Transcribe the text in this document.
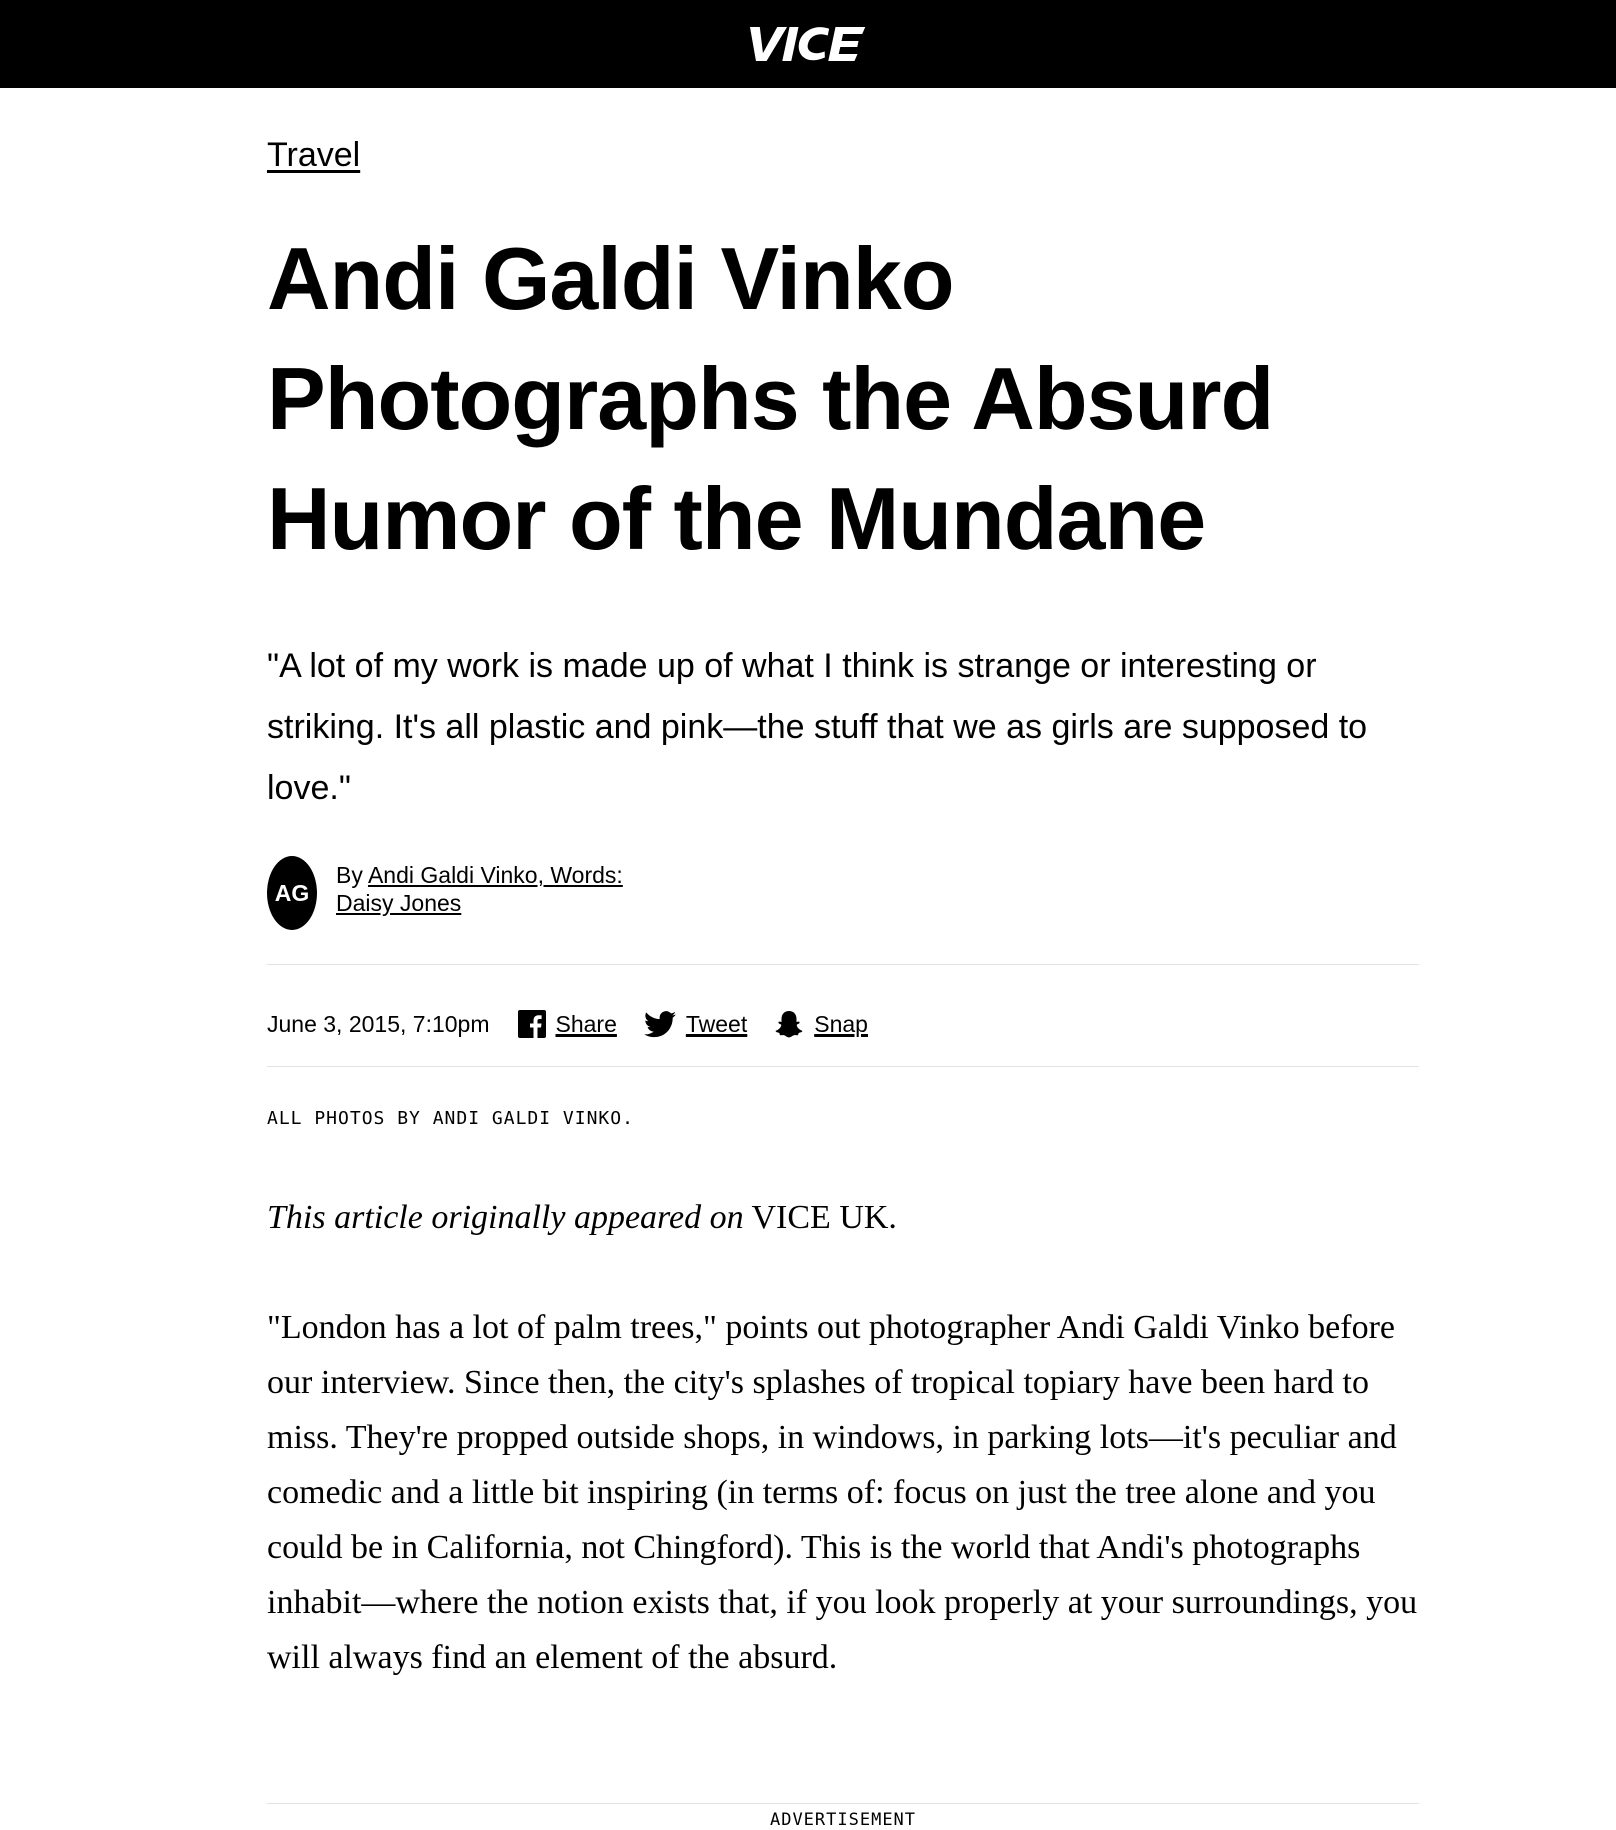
Travel
Andi Galdi Vinko Photographs the Absurd Humor of the Mundane

"A lot of my work is made up of what I think is strange or interesting or striking. It's all plastic and pink—the stuff that we as girls are supposed to love."

AG
By Andi Galdi Vinko, Words: Daisy Jones
June 3, 2015, 7:10pm	Share	Tweet	Snap
ALL PHOTOS BY ANDI GALDI VINKO.

This article originally appeared on VICE UK.

"London has a lot of palm trees," points out photographer Andi Galdi Vinko before our interview. Since then, the city's splashes of tropical topiary have been hard to miss. They're propped outside shops, in windows, in parking lots—it's peculiar and comedic and a little bit inspiring (in terms of: focus on just the tree alone and you could be in California, not Chingford). This is the world that Andi's photographs inhabit—where the notion exists that, if you look properly at your surroundings, you will always find an element of the absurd.

ADVERTISEMENT
